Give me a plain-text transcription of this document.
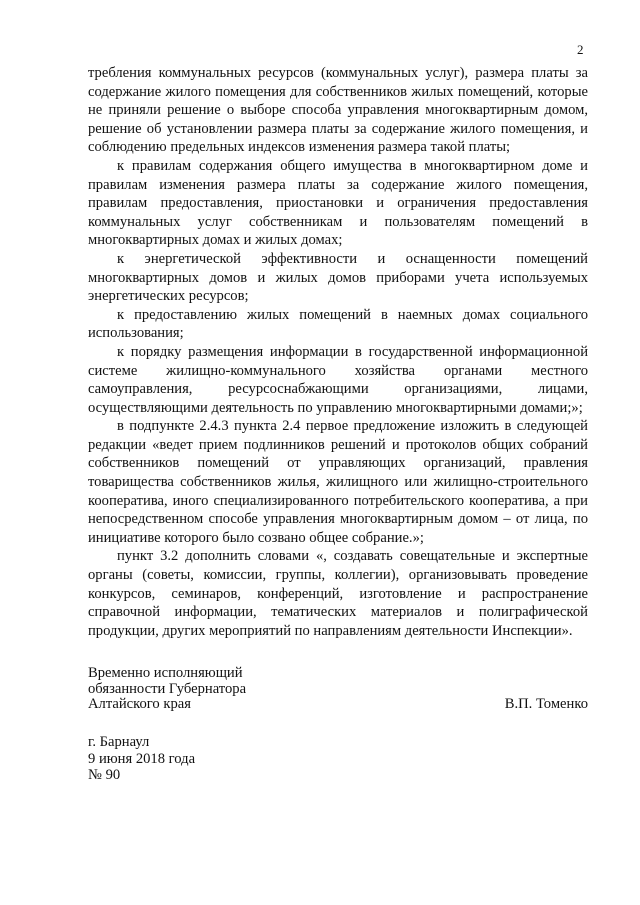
2

требления коммунальных ресурсов (коммунальных услуг), размера платы за содержание жилого помещения для собственников жилых помещений, которые не приняли решение о выборе способа управления многоквартирным домом, решение об установлении размера платы за содержание жилого помещения, и соблюдению предельных индексов изменения размера такой платы;

к правилам содержания общего имущества в многоквартирном доме и правилам изменения размера платы за содержание жилого помещения, правилам предоставления, приостановки и ограничения предоставления коммунальных услуг собственникам и пользователям помещений в многоквартирных домах и жилых домах;

к энергетической эффективности и оснащенности помещений многоквартирных домов и жилых домов приборами учета используемых энергетических ресурсов;

к предоставлению жилых помещений в наемных домах социального использования;

к порядку размещения информации в государственной информационной системе жилищно-коммунального хозяйства органами местного самоуправления, ресурсоснабжающими организациями, лицами, осуществляющими деятельность по управлению многоквартирными домами;»;

в подпункте 2.4.3 пункта 2.4 первое предложение изложить в следующей редакции «ведет прием подлинников решений и протоколов общих собраний собственников помещений от управляющих организаций, правления товарищества собственников жилья, жилищного или жилищно-строительного кооператива, иного специализированного потребительского кооператива, а при непосредственном способе управления многоквартирным домом – от лица, по инициативе которого было созвано общее собрание.»;

пункт 3.2 дополнить словами «, создавать совещательные и экспертные органы (советы, комиссии, группы, коллегии), организовывать проведение конкурсов, семинаров, конференций, изготовление и распространение справочной информации, тематических материалов и полиграфической продукции, других мероприятий по направлениям деятельности Инспекции».

Временно исполняющий
обязанности Губернатора
Алтайского края	В.П. Томенко
г. Барнаул
9 июня 2018 года
№ 90
